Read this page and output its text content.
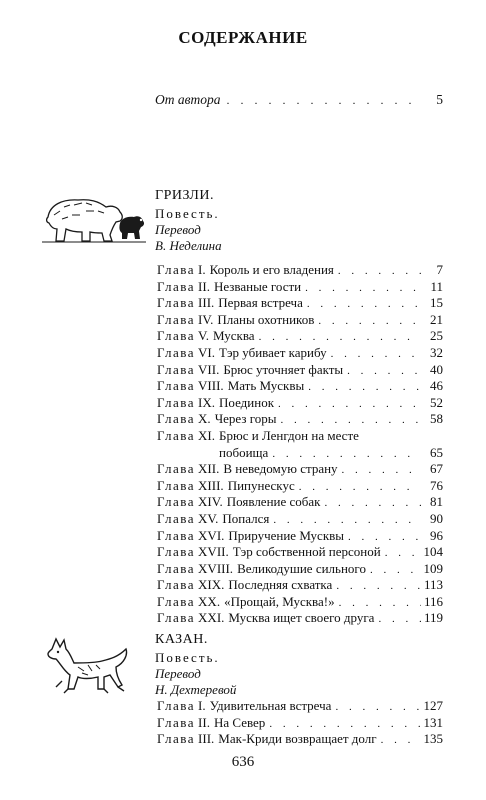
СОДЕРЖАНИЕ
От автора . . .	5
ГРИЗЛИ.
Повесть.
Перевод
В. Неделина
Глава I. Король и его владения . . .	7
Глава II. Незваные гости . . .	11
Глава III. Первая встреча . . .	15
Глава IV. Планы охотников . . .	21
Глава V. Мусква . . .	25
Глава VI. Тэр убивает карибу . . .	32
Глава VII. Брюс уточняет факты . . .	40
Глава VIII. Мать Мусквы . . .	46
Глава IX. Поединок . . .	52
Глава X. Через горы . . .	58
Глава XI. Брюс и Ленгдон на месте
побоища . . .	65
Глава XII. В неведомую страну . . .	67
Глава XIII. Пипунескус . . .	76
Глава XIV. Появление собак . . .	81
Глава XV. Попался . . .	90
Глава XVI. Приручение Мусквы . . .	96
Глава XVII. Тэр собственной персоной . . .	104
Глава XVIII. Великодушие сильного . . .	109
Глава XIX. Последняя схватка . . .	113
Глава XX. «Прощай, Мусква!» . . .	116
Глава XXI. Мусква ищет своего друга . . .	119
КАЗАН.
Повесть.
Перевод
Н. Дехтеревой
Глава I. Удивительная встреча . . .	127
Глава II. На Север . . .	131
Глава III. Мак-Криди возвращает долг . . .	135
636
